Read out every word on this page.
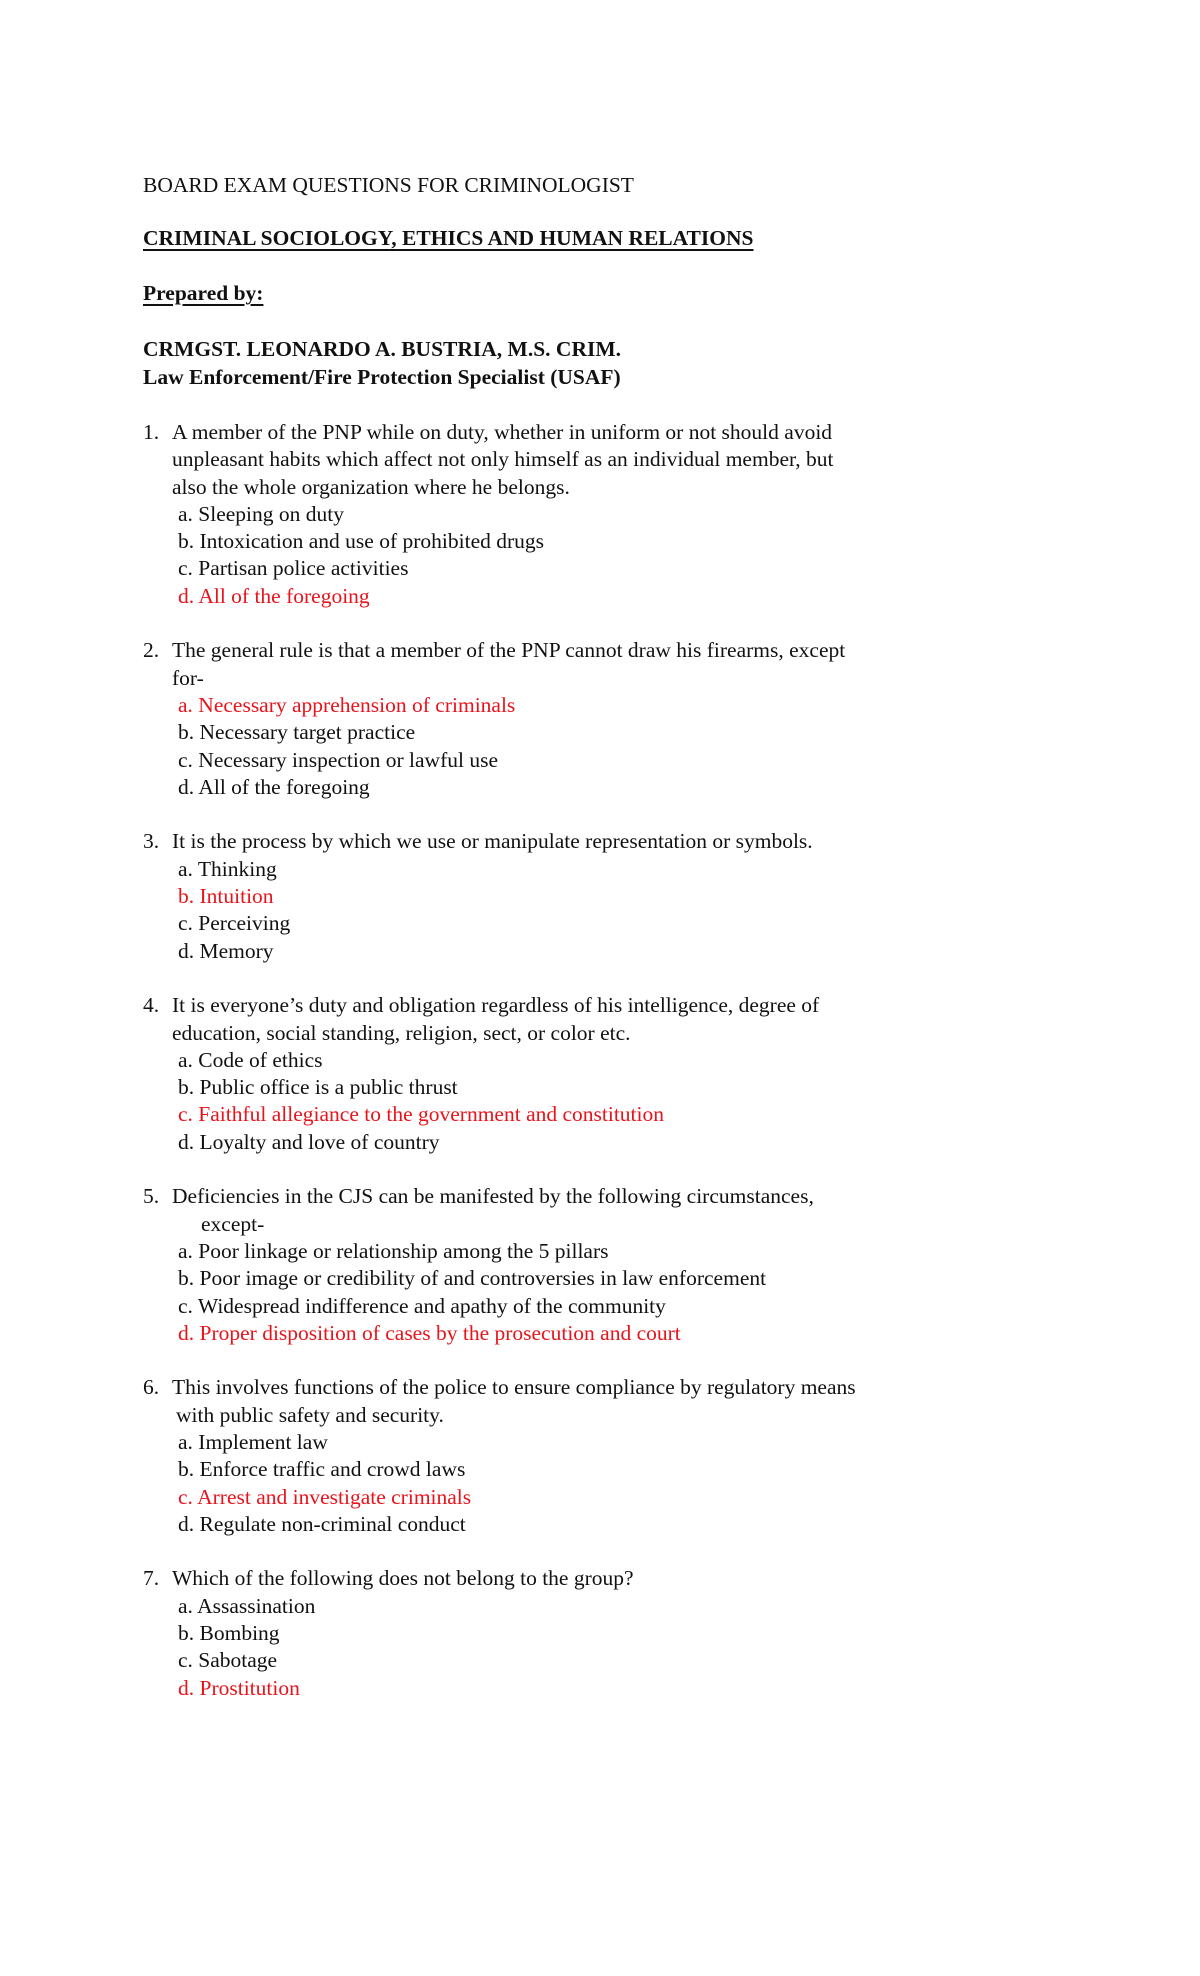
BOARD EXAM QUESTIONS FOR CRIMINOLOGIST
CRIMINAL SOCIOLOGY, ETHICS AND HUMAN RELATIONS
Prepared by:
CRMGST. LEONARDO A. BUSTRIA, M.S. CRIM.
Law Enforcement/Fire Protection Specialist (USAF)
1. A member of the PNP while on duty, whether in uniform or not should avoid
unpleasant habits which affect not only himself as an individual member, but
also the whole organization where he belongs.
a. Sleeping on duty
b. Intoxication and use of prohibited drugs
c. Partisan police activities
d. All of the foregoing
2. The general rule is that a member of the PNP cannot draw his firearms, except
for-
a. Necessary apprehension of criminals
b. Necessary target practice
c. Necessary inspection or lawful use
d. All of the foregoing
3. It is the process by which we use or manipulate representation or symbols.
a. Thinking
b. Intuition
c. Perceiving
d. Memory
4. It is everyone’s duty and obligation regardless of his intelligence, degree of
education, social standing, religion, sect, or color etc.
a. Code of ethics
b. Public office is a public thrust
c. Faithful allegiance to the government and constitution
d. Loyalty and love of country
5. Deficiencies in the CJS can be manifested by the following circumstances,
except-
a. Poor linkage or relationship among the 5 pillars
b. Poor image or credibility of and controversies in law enforcement
c. Widespread indifference and apathy of the community
d. Proper disposition of cases by the prosecution and court
6. This involves functions of the police to ensure compliance by regulatory means
with public safety and security.
a. Implement law
b. Enforce traffic and crowd laws
c. Arrest and investigate criminals
d. Regulate non-criminal conduct
7. Which of the following does not belong to the group?
a. Assassination
b. Bombing
c. Sabotage
d. Prostitution
